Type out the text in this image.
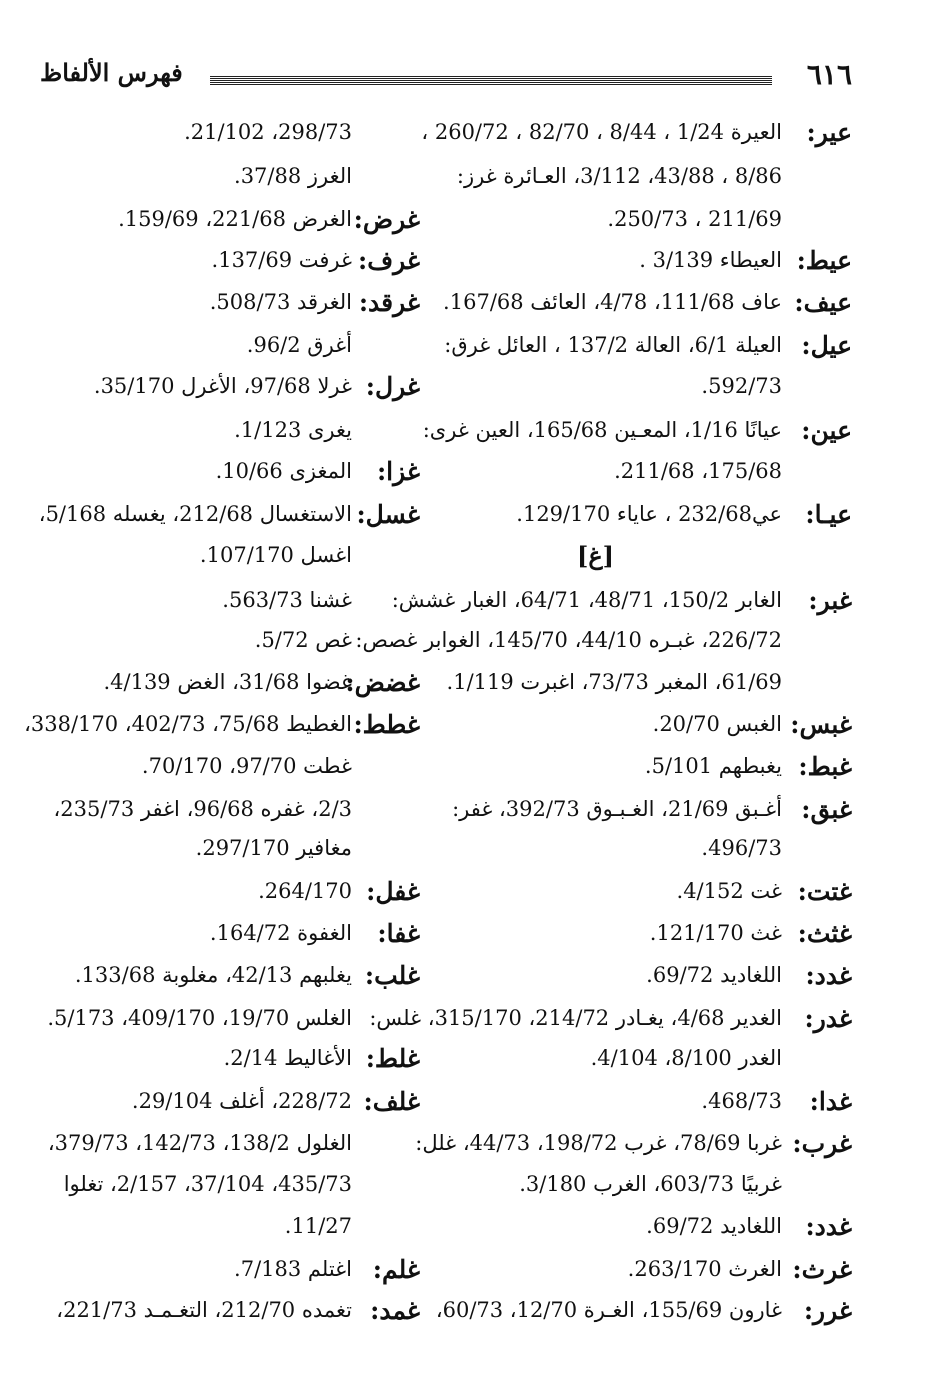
٦١٦
فهرس الألفاظ
عير:
العيرة 1/24 ، 8/44 ، 82/70 ، 260/72 ،
298/73، 21/102.
8/86 ، 43/88، 3/112، العـائرة غرز:
الغرز 37/88.
211/69 ، 250/73.
غرض:
الغرض 221/68، 159/69.
عيط:
العيطاء 3/139 .
غرف:
غرفت 137/69.
عيف:
عاف 111/68، 4/78، العائف 167/68.
غرقد:
الغرقد 508/73.
عيل:
العيلة 6/1، العالة 137/2 ، العائل غرق:
أغرق 96/2.
592/73.
غرل:
غرلا 97/68، الأغرل 35/170.
عين:
عيانًا 1/16، المعـين 165/68، العين غرى:
يغرى 1/123.
175/68، 211/68.
غزا:
المغزى 10/66.
عيـا:
عي232/68 ، عاياء 129/170.
غسل:
الاستغسال 212/68، يغسله 5/168،
اغسل 107/170.
غبر:
الغابر 150/2، 48/71، 64/71، الغبار غشش:
غشنا 563/73.
226/72، غبـره 44/10، 145/70، الغوابر غصص:
غص 5/72.
61/69، المغبر 73/73، اغبرت 1/119.
غضض:
غضوا 31/68، الغض 4/139.
غبس:
الغبس 20/70.
غطط:
الغطيط 75/68، 402/73، 338/170،
غبط:
يغبطهم 5/101.
غطت 97/70، 70/170.
غبق:
أغـبق 21/69، الغـبـوق 392/73، غفر:
2/3، غفره 96/68، اغفر 235/73،
496/73.
مغافير 297/170.
غتت:
غت 4/152.
غفل:
264/170.
غثث:
غث 121/170.
غفا:
الغفوة 164/72.
غدد:
اللغاديد 69/72.
غلب:
يغلبهم 42/13، مغلوبة 133/68.
غدر:
الغدير 4/68، يغـادر 214/72، 315/170، غلس:
الغلس 19/70، 409/170، 5/173.
الغدر 8/100، 4/104.
غلط:
الأغاليط 2/14.
غدا:
468/73.
غلف:
228/72، أغلف 29/104.
غرب:
غربا 78/69، غرب 198/72، 44/73، غلل:
الغلول 138/2، 142/73، 379/73،
غربيًا 603/73، الغرب 3/180.
435/73، 37/104، 2/157، تغلوا
غدد:
اللغاديد 69/72.
11/27.
غرث:
الغرث 263/170.
غلم:
اغتلم 7/183.
غرر:
غارون 155/69، الغـرة 12/70، 60/73،
غمد:
تغمده 212/70، التغـمـد 221/73،
[غ]
